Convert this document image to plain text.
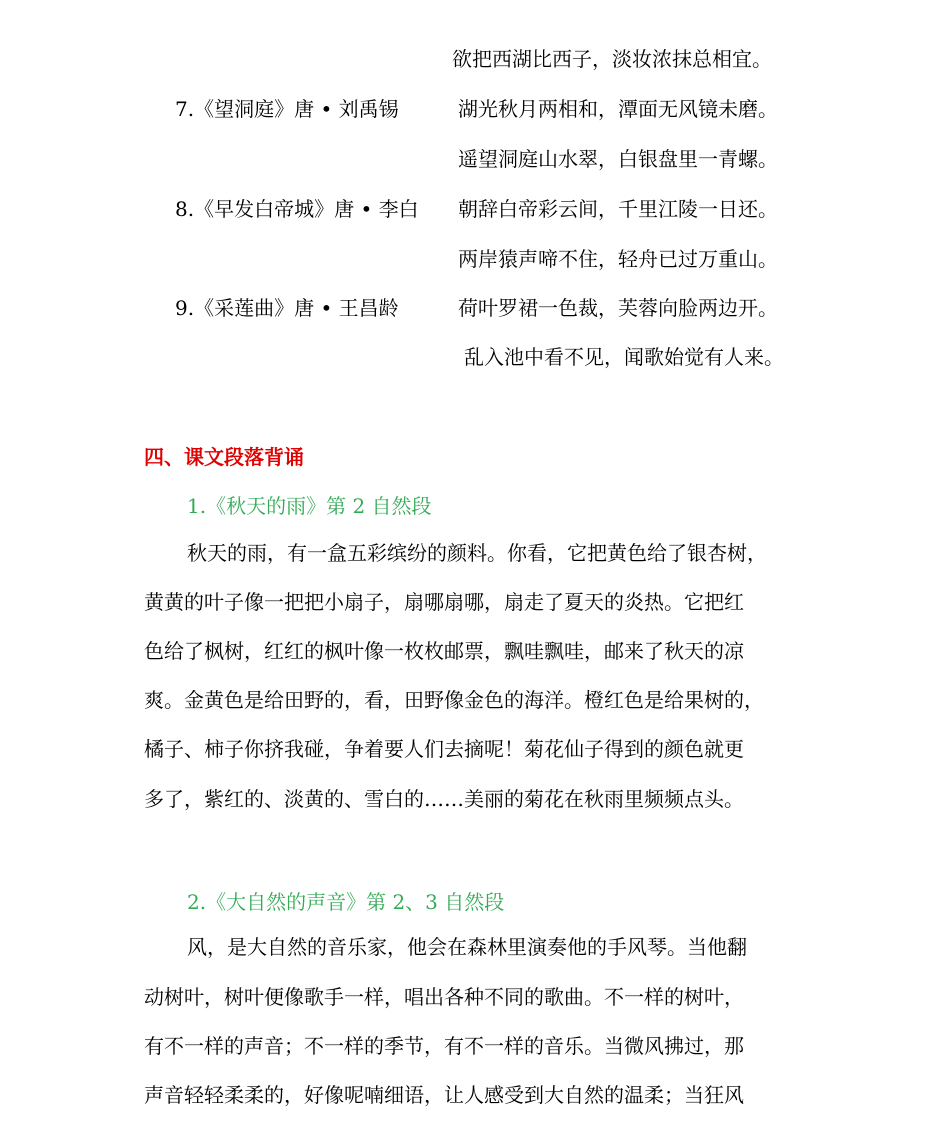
欲把西湖比西子，淡妆浓抹总相宜。
7.《望洞庭》唐 • 刘禹锡	湖光秋月两相和，潭面无风镜未磨。
遥望洞庭山水翠，白银盘里一青螺。
8.《早发白帝城》唐 • 李白 朝辞白帝彩云间，千里江陵一日还。
两岸猿声啼不住，轻舟已过万重山。
9.《采莲曲》唐 • 王昌龄	荷叶罗裙一色裁，芙蓉向脸两边开。
乱入池中看不见，闻歌始觉有人来。
四、课文段落背诵
1.《秋天的雨》第 2 自然段
秋天的雨，有一盒五彩缤纷的颜料。你看，它把黄色给了银杏树，
黄黄的叶子像一把把小扇子，扇哪扇哪，扇走了夏天的炎热。它把红
色给了枫树，红红的枫叶像一枚枚邮票，飘哇飘哇，邮来了秋天的凉
爽。金黄色是给田野的，看，田野像金色的海洋。橙红色是给果树的，
橘子、柿子你挤我碰，争着要人们去摘呢！菊花仙子得到的颜色就更
多了，紫红的、淡黄的、雪白的……美丽的菊花在秋雨里频频点头。
2.《大自然的声音》第 2、3 自然段
风，是大自然的音乐家，他会在森林里演奏他的手风琴。当他翻
动树叶，树叶便像歌手一样，唱出各种不同的歌曲。不一样的树叶，
有不一样的声音；不一样的季节，有不一样的音乐。当微风拂过，那
声音轻轻柔柔的，好像呢喃细语，让人感受到大自然的温柔；当狂风
